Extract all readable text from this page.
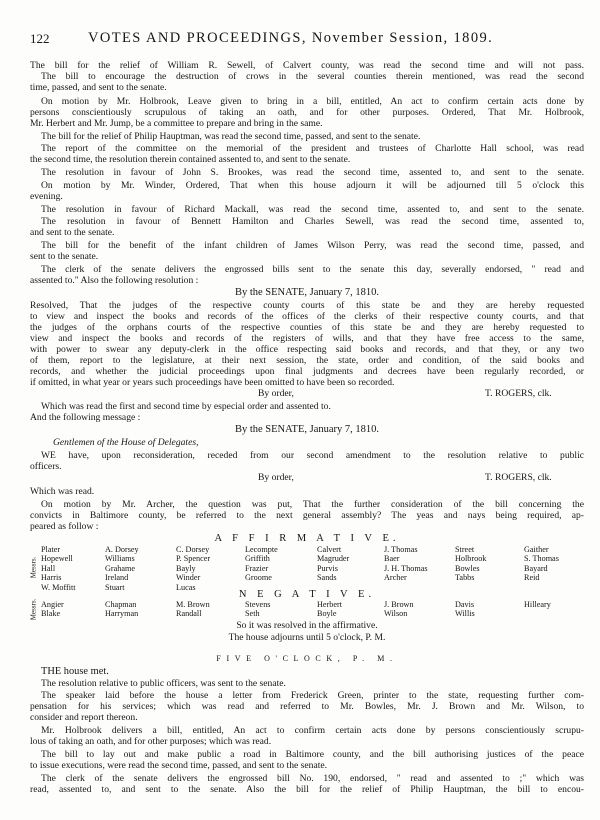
122	VOTES AND PROCEEDINGS, November Session, 1809.
The bill for the relief of William R. Sewell, of Calvert county, was read the second time and will not pass.
The bill to encourage the destruction of crows in the several counties therein mentioned, was read the second
time, passed, and sent to the senate.
On motion by Mr. Holbrook, Leave given to bring in a bill, entitled, An act to confirm certain acts done by
persons conscientiously scrupulous of taking an oath, and for other purposes. Ordered, That Mr. Holbrook,
Mr. Herbert and Mr. Jump, be a committee to prepare and bring in the same.
The bill for the relief of Philip Hauptman, was read the second time, passed, and sent to the senate.
The report of the committee on the memorial of the president and trustees of Charlotte Hall school, was read
the second time, the resolution therein contained assented to, and sent to the senate.
The resolution in favour of John S. Brookes, was read the second time, assented to, and sent to the senate.
On motion by Mr. Winder, Ordered, That when this house adjourn it will be adjourned till 5 o'clock this
evening.
The resolution in favour of Richard Mackall, was read the second time, assented to, and sent to the senate.
The resolution in favour of Bennett Hamilton and Charles Sewell, was read the second time, assented to,
and sent to the senate.
The bill for the benefit of the infant children of James Wilson Perry, was read the second time, passed, and
sent to the senate.
The clerk of the senate delivers the engrossed bills sent to the senate this day, severally endorsed, " read and
assented to." Also the following resolution :
By the SENATE, January 7, 1810.
Resolved, That the judges of the respective county courts of this state be and they are hereby requested
to view and inspect the books and records of the offices of the clerks of their respective county courts, and that
the judges of the orphans courts of the respective counties of this state be and they are hereby requested to
view and inspect the books and records of the registers of wills, and that they have free access to the same,
with power to swear any deputy-clerk in the office respecting said books and records, and that they, or any two
of them, report to the legislature, at their next session, the state, order and condition, of the said books and
records, and whether the judicial proceedings upon final judgments and decrees have been regularly recorded, or
if omitted, in what year or years such proceedings have been omitted to have been so recorded.
By order,	T. ROGERS, clk.
Which was read the first and second time by especial order and assented to.
And the following message :
By the SENATE, January 7, 1810.
Gentlemen of the House of Delegates,
WE have, upon reconsideration, receded from our second amendment to the resolution relative to public
officers.
By order,	T. ROGERS, clk.
Which was read.
On motion by Mr. Archer, the question was put, That the further consideration of the bill concerning the
convicts in Baltimore county, be referred to the next general assembly? The yeas and nays being required, ap-
peared as follow :
A F F I R M A T I V E.
Messrs.
N E G A T I V E.
Messrs.
So it was resolved in the affirmative.
The house adjourns until 5 o'clock, P. M.
FIVE O'CLOCK, P. M.
THE house met.
The resolution relative to public officers, was sent to the senate.
The speaker laid before the house a letter from Frederick Green, printer to the state, requesting further com-
pensation for his services; which was read and referred to Mr. Bowles, Mr. J. Brown and Mr. Wilson, to
consider and report thereon.
Mr. Holbrook delivers a bill, entitled, An act to confirm certain acts done by persons conscientiously scrupu-
lous of taking an oath, and for other purposes; which was read.
The bill to lay out and make public a road in Baltimore county, and the bill authorising justices of the peace
to issue executions, were read the second time, passed, and sent to the senate.
The clerk of the senate delivers the engrossed bill No. 190, endorsed, " read and assented to ;" which was
read, assented to, and sent to the senate. Also the bill for the relief of Philip Hauptman, the bill to encou-
Plater	A. Dorsey	C. Dorsey	Lecompte	Calvert	J. Thomas	Street	Gaither
Hopewell	Williams	P. Spencer	Griffith	Magruder	Baer	Holbrook	S. Thomas
Hall	Grahame	Bayly	Frazier	Purvis	J. H. Thomas	Bowles	Bayard
Harris	Ireland	Winder	Groome	Sands	Archer	Tabbs	Reid
W. Moffitt	Stuart	Lucas
Angier	Chapman	M. Brown	Stevens	Herbert	J. Brown	Davis	Hilleary
Blake	Harryman	Randall	Seth	Boyle	Wilson	Willis
